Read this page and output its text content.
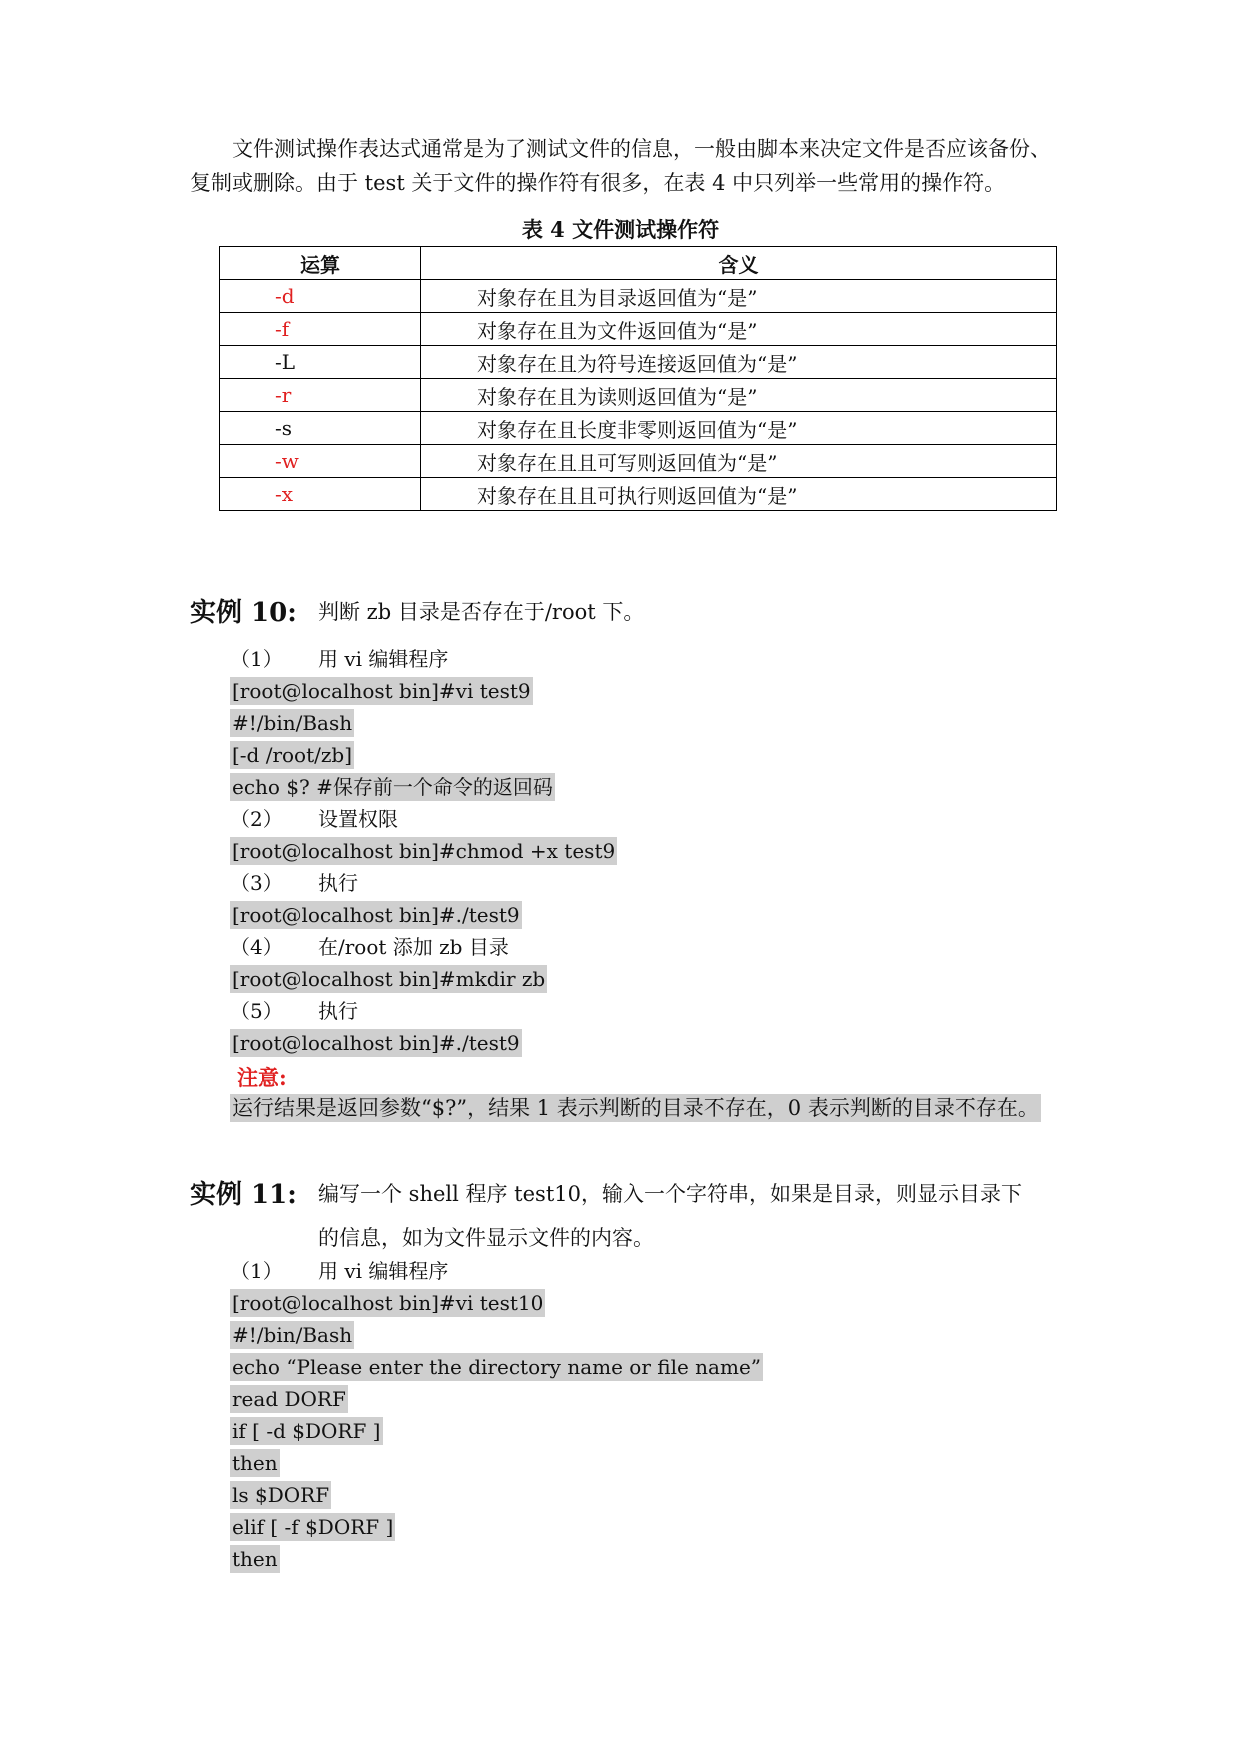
文件测试操作表达式通常是为了测试文件的信息，一般由脚本来决定文件是否应该备份、

复制或删除。由于 test 关于文件的操作符有很多，在表 4 中只列举一些常用的操作符。

表 4 文件测试操作符
运算	含义
-d	对象存在且为目录返回值为“是”
-f	对象存在且为文件返回值为“是”
-L	对象存在且为符号连接返回值为“是”
-r	对象存在且为读则返回值为“是”
-s	对象存在且长度非零则返回值为“是”
-w	对象存在且且可写则返回值为“是”
-x	对象存在且且可执行则返回值为“是”
实例 10: 判断 zb 目录是否存在于/root 下。
（1） 用 vi 编辑程序
[root@localhost bin]#vi test9
#!/bin/Bash
[-d /root/zb]
echo $? #保存前一个命令的返回码
（2） 设置权限
[root@localhost bin]#chmod +x test9
（3） 执行
[root@localhost bin]#./test9
（4） 在/root 添加 zb 目录
[root@localhost bin]#mkdir zb
（5） 执行
[root@localhost bin]#./test9
注意:
运行结果是返回参数“$?”，结果 1 表示判断的目录不存在，0 表示判断的目录不存在。
实例 11: 编写一个 shell 程序 test10，输入一个字符串，如果是目录，则显示目录下
的信息，如为文件显示文件的内容。
（1） 用 vi 编辑程序
[root@localhost bin]#vi test10
#!/bin/Bash
echo “Please enter the directory name or file name”
read DORF
if [ -d $DORF ]
then
ls $DORF
elif [ -f $DORF ]
then
